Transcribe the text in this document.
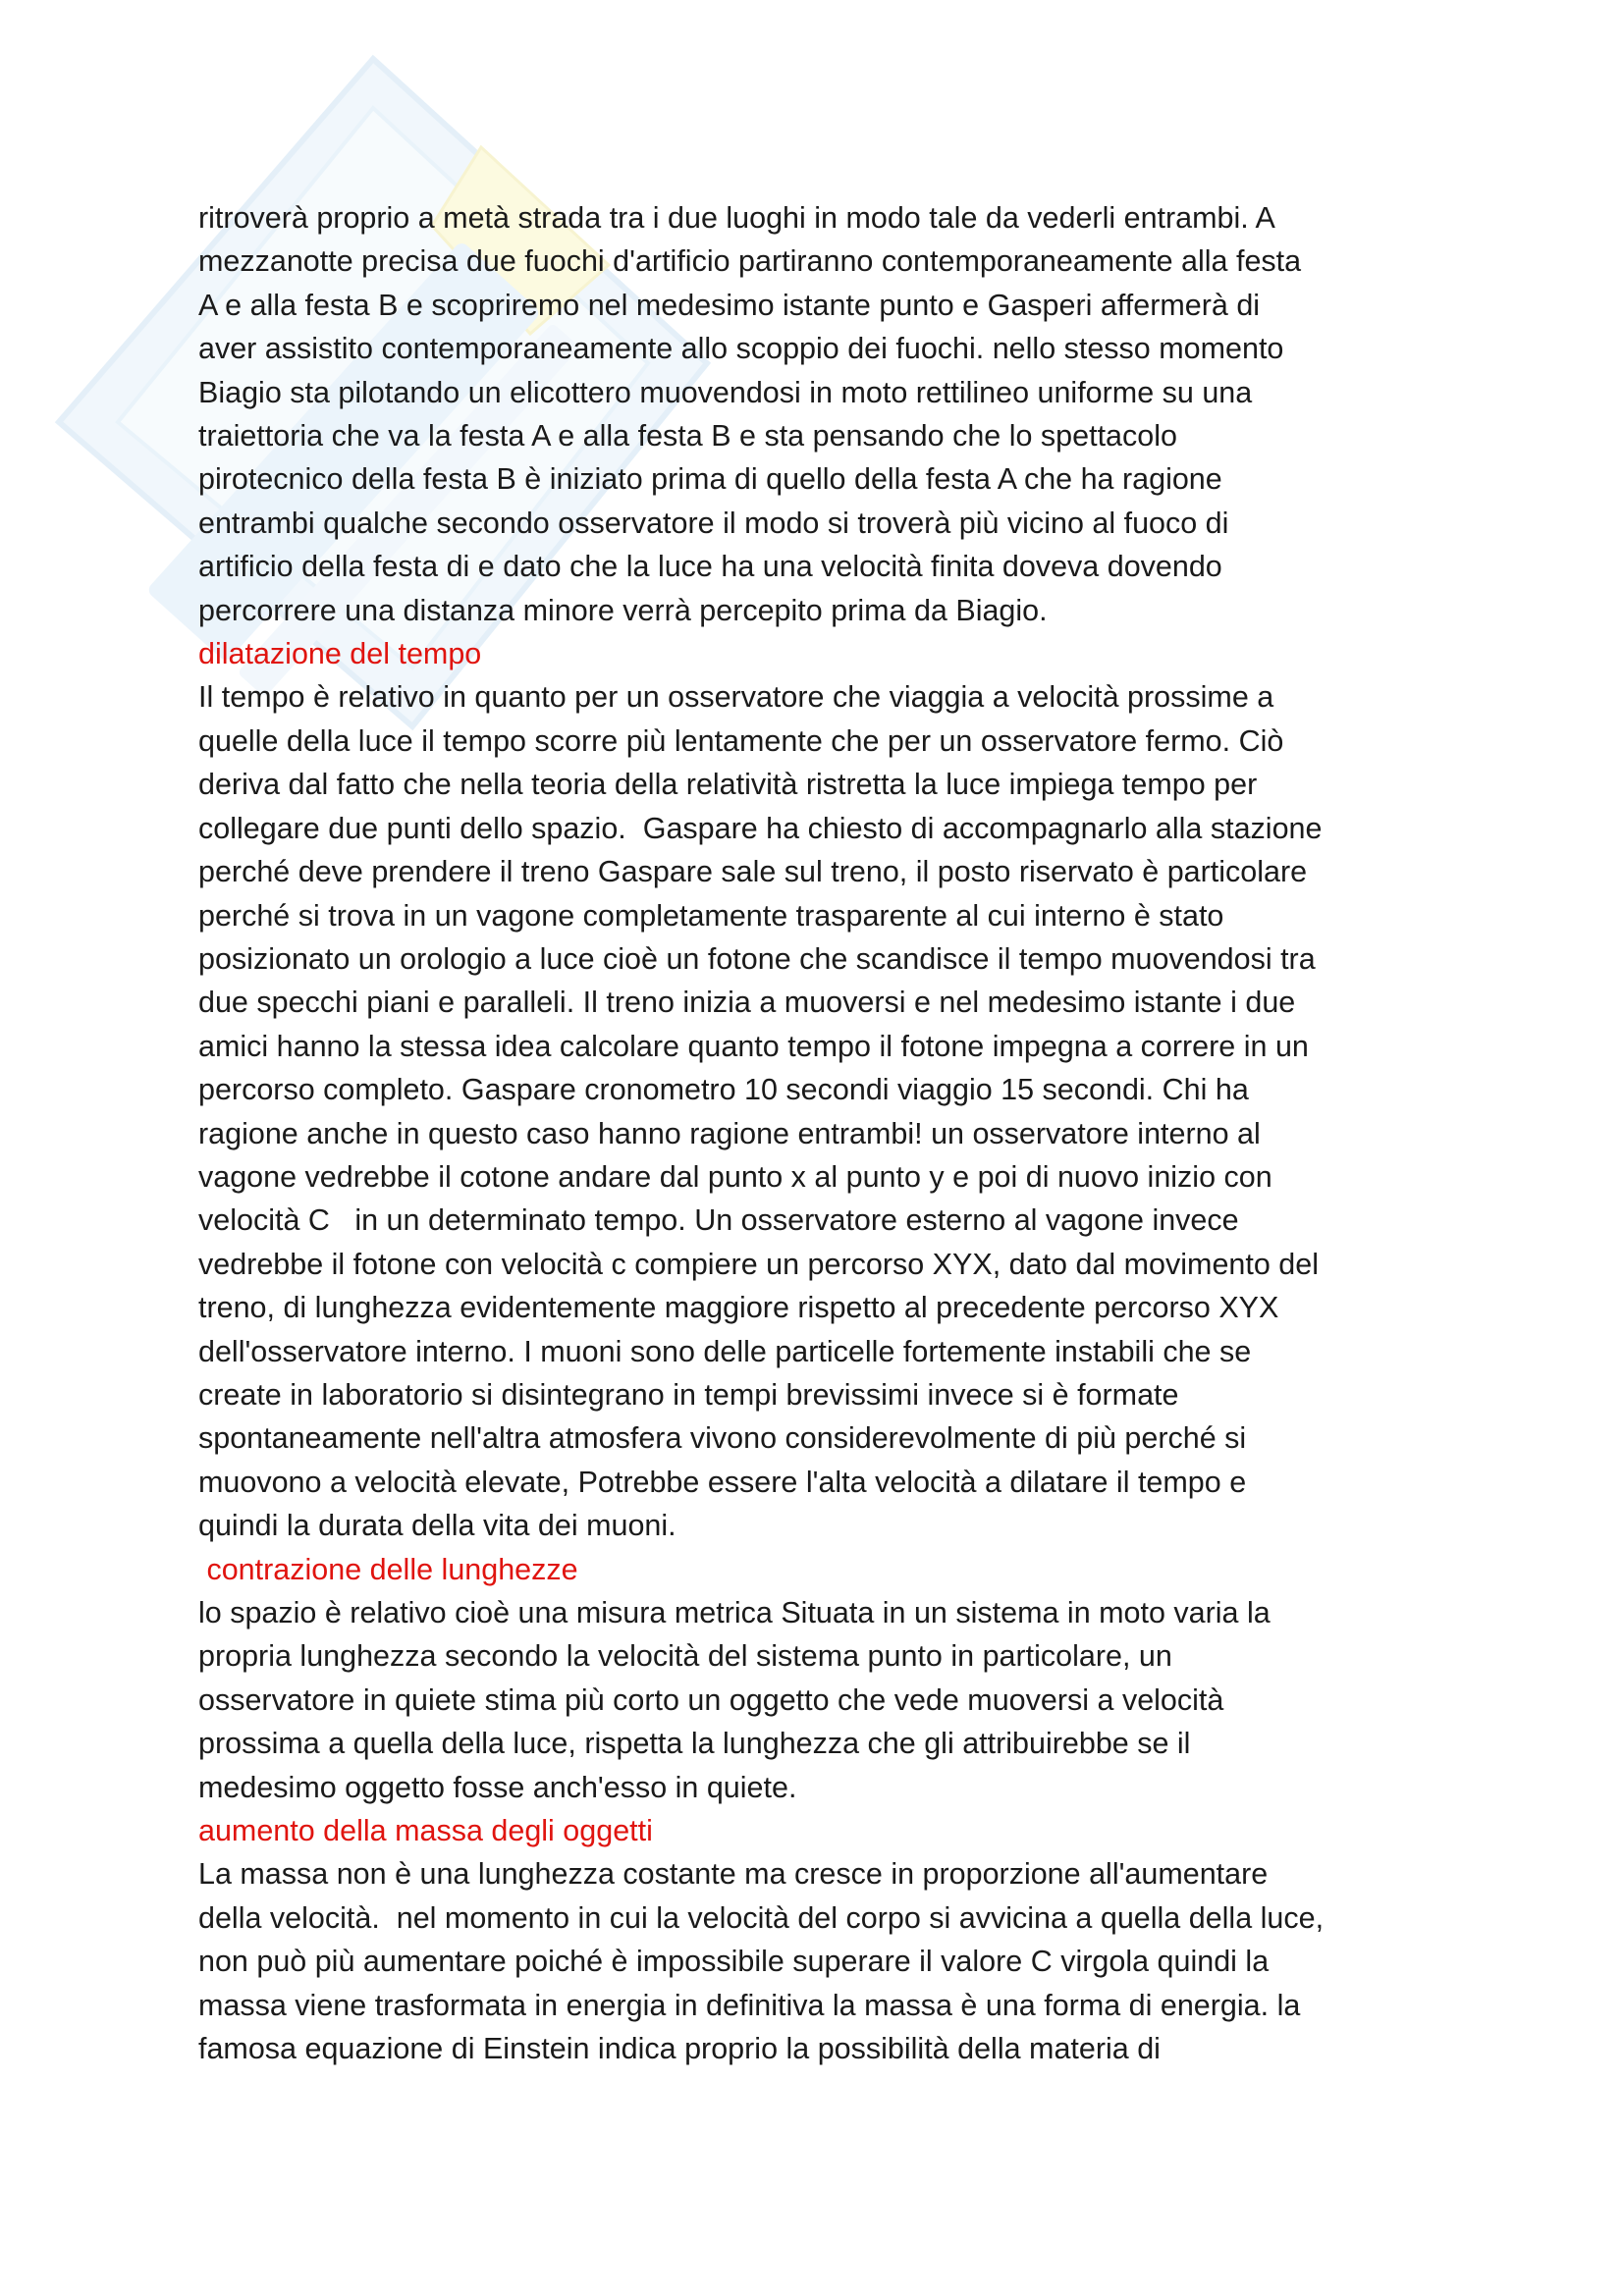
ritroverà proprio a metà strada tra i due luoghi in modo tale da vederli entrambi. A
mezzanotte precisa due fuochi d'artificio partiranno contemporaneamente alla festa
A e alla festa B e scopriremo nel medesimo istante punto e Gasperi affermerà di
aver assistito contemporaneamente allo scoppio dei fuochi. nello stesso momento
Biagio sta pilotando un elicottero muovendosi in moto rettilineo uniforme su una
traiettoria che va la festa A e alla festa B e sta pensando che lo spettacolo
pirotecnico della festa B è iniziato prima di quello della festa A che ha ragione
entrambi qualche secondo osservatore il modo si troverà più vicino al fuoco di
artificio della festa di e dato che la luce ha una velocità finita doveva dovendo
percorrere una distanza minore verrà percepito prima da Biagio.
dilatazione del tempo
Il tempo è relativo in quanto per un osservatore che viaggia a velocità prossime a
quelle della luce il tempo scorre più lentamente che per un osservatore fermo. Ciò
deriva dal fatto che nella teoria della relatività ristretta la luce impiega tempo per
collegare due punti dello spazio.  Gaspare ha chiesto di accompagnarlo alla stazione
perché deve prendere il treno Gaspare sale sul treno, il posto riservato è particolare
perché si trova in un vagone completamente trasparente al cui interno è stato
posizionato un orologio a luce cioè un fotone che scandisce il tempo muovendosi tra
due specchi piani e paralleli. Il treno inizia a muoversi e nel medesimo istante i due
amici hanno la stessa idea calcolare quanto tempo il fotone impegna a correre in un
percorso completo. Gaspare cronometro 10 secondi viaggio 15 secondi. Chi ha
ragione anche in questo caso hanno ragione entrambi! un osservatore interno al
vagone vedrebbe il cotone andare dal punto x al punto y e poi di nuovo inizio con
velocità C   in un determinato tempo. Un osservatore esterno al vagone invece
vedrebbe il fotone con velocità c compiere un percorso XYX, dato dal movimento del
treno, di lunghezza evidentemente maggiore rispetto al precedente percorso XYX
dell'osservatore interno. I muoni sono delle particelle fortemente instabili che se
create in laboratorio si disintegrano in tempi brevissimi invece si è formate
spontaneamente nell'altra atmosfera vivono considerevolmente di più perché si
muovono a velocità elevate, Potrebbe essere l'alta velocità a dilatare il tempo e
quindi la durata della vita dei muoni.
contrazione delle lunghezze
lo spazio è relativo cioè una misura metrica Situata in un sistema in moto varia la
propria lunghezza secondo la velocità del sistema punto in particolare, un
osservatore in quiete stima più corto un oggetto che vede muoversi a velocità
prossima a quella della luce, rispetta la lunghezza che gli attribuirebbe se il
medesimo oggetto fosse anch'esso in quiete.
aumento della massa degli oggetti
La massa non è una lunghezza costante ma cresce in proporzione all'aumentare
della velocità.  nel momento in cui la velocità del corpo si avvicina a quella della luce,
non può più aumentare poiché è impossibile superare il valore C virgola quindi la
massa viene trasformata in energia in definitiva la massa è una forma di energia. la
famosa equazione di Einstein indica proprio la possibilità della materia di
